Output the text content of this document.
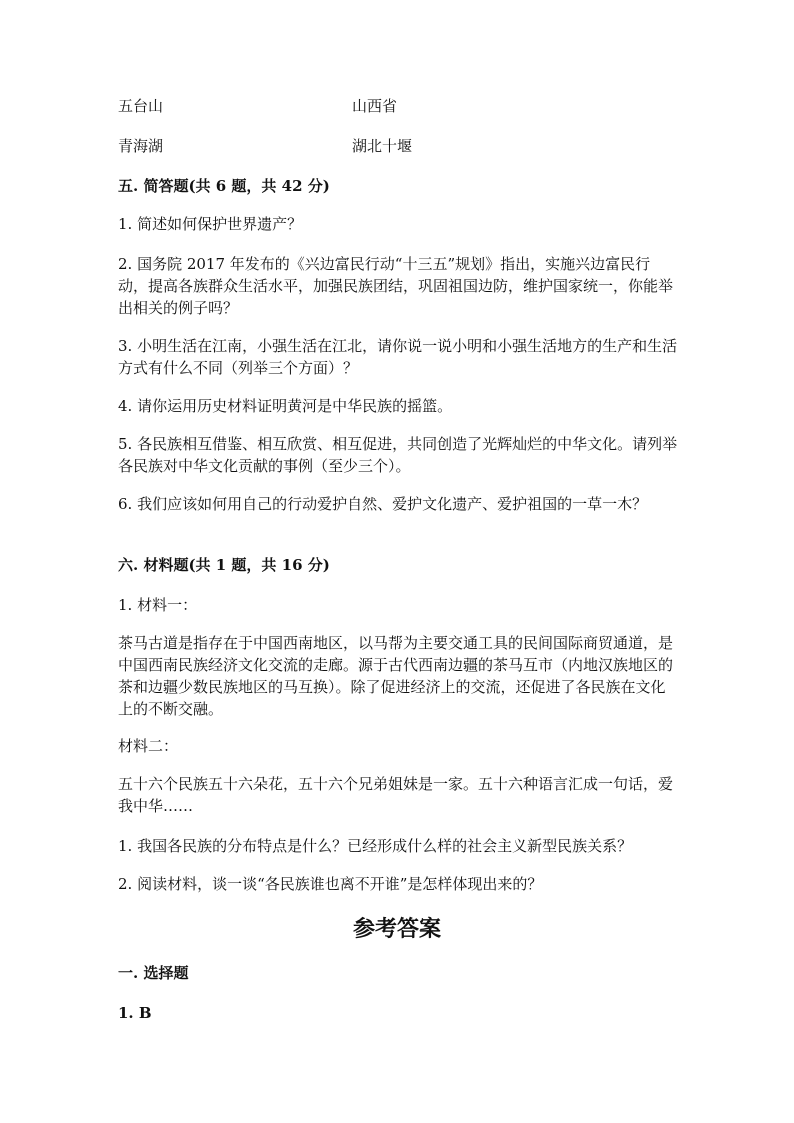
五台山	山西省
青海湖	湖北十堰

五. 简答题(共 6 题，共 42 分)

1. 简述如何保护世界遗产？

2. 国务院 2017 年发布的《兴边富民行动“十三五”规划》指出，实施兴边富民行动，提高各族群众生活水平，加强民族团结，巩固祖国边防，维护国家统一，你能举出相关的例子吗？

3. 小明生活在江南，小强生活在江北，请你说一说小明和小强生活地方的生产和生活方式有什么不同（列举三个方面）？

4. 请你运用历史材料证明黄河是中华民族的摇篮。

5. 各民族相互借鉴、相互欣赏、相互促进，共同创造了光辉灿烂的中华文化。请列举各民族对中华文化贡献的事例（至少三个）。

6. 我们应该如何用自己的行动爱护自然、爱护文化遗产、爱护祖国的一草一木？

六. 材料题(共 1 题，共 16 分)

1. 材料一：

茶马古道是指存在于中国西南地区，以马帮为主要交通工具的民间国际商贸通道，是中国西南民族经济文化交流的走廊。源于古代西南边疆的茶马互市（内地汉族地区的茶和边疆少数民族地区的马互换）。除了促进经济上的交流，还促进了各民族在文化上的不断交融。

材料二：

五十六个民族五十六朵花，五十六个兄弟姐妹是一家。五十六种语言汇成一句话，爱我中华……

1. 我国各民族的分布特点是什么？已经形成什么样的社会主义新型民族关系？

2. 阅读材料，谈一谈“各民族谁也离不开谁”是怎样体现出来的？

参考答案

一. 选择题

1. B
